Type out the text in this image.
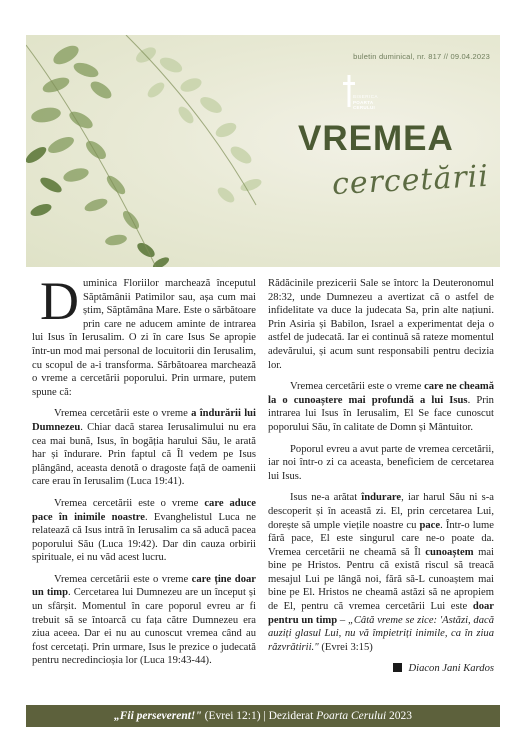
buletin duminical, nr. 817 // 09.04.2023
BISERICA
POARTA CERULUI
VREMEA
cercetării

Duminica Floriilor marchează începutul Săptămânii Patimilor sau, așa cum mai știm, Săptămâna Mare. Este o sărbătoare prin care ne aducem aminte de intrarea lui Isus în Ierusalim. O zi în care Isus Se apropie într-un mod mai personal de locuitorii din Ierusalim, cu scopul de a-i transforma. Sărbătoarea marchează o vreme a cercetării poporului. Prin urmare, putem spune că:

Vremea cercetării este o vreme a îndurării lui Dumnezeu. Chiar dacă starea Ierusalimului nu era cea mai bună, Isus, în bogăția harului Său, le arată har și îndurare. Prin faptul că Îl vedem pe Isus plângând, aceasta denotă o dragoste față de oamenii care erau în Ierusalim (Luca 19:41).

Vremea cercetării este o vreme care aduce pace în inimile noastre. Evanghelistul Luca ne relatează că Isus intră în Ierusalim ca să aducă pacea poporului Său (Luca 19:42). Dar din cauza orbirii spirituale, ei nu văd acest lucru.

Vremea cercetării este o vreme care ține doar un timp. Cercetarea lui Dumnezeu are un început și un sfârșit. Momentul în care poporul evreu ar fi trebuit să se întoarcă cu fața către Dumnezeu era ziua aceea. Dar ei nu au cunoscut vremea când au fost cercetați. Prin urmare, Isus le prezice o judecată pentru necredincioșia lor (Luca 19:43-44).

Rădăcinile prezicerii Sale se întorc la Deuteronomul 28:32, unde Dumnezeu a avertizat că o astfel de infidelitate va duce la judecata Sa, prin alte națiuni. Prin Asiria și Babilon, Israel a experimentat deja o astfel de judecată. Iar ei continuă să rateze momentul adevărului, și acum sunt responsabili pentru decizia lor.

Vremea cercetării este o vreme care ne cheamă la o cunoaștere mai profundă a lui Isus. Prin intrarea lui Isus în Ierusalim, El Se face cunoscut poporului Său, în calitate de Domn și Mântuitor.

Poporul evreu a avut parte de vremea cercetării, iar noi într-o zi ca aceasta, beneficiem de cercetarea lui Isus.

Isus ne-a arătat îndurare, iar harul Său ni s-a descoperit și în această zi. El, prin cercetarea Lui, dorește să umple viețile noastre cu pace. Într-o lume fără pace, El este singurul care ne-o poate da. Vremea cercetării ne cheamă să Îl cunoaștem mai bine pe Hristos. Pentru că există riscul să treacă mesajul Lui pe lângă noi, fără să-L cunoaștem mai bine pe El. Hristos ne cheamă astăzi să ne apropiem de El, pentru că vremea cercetării Lui este doar pentru un timp – „Câtă vreme se zice: 'Astăzi, dacă auziți glasul Lui, nu vă împietriți inimile, ca în ziua răzvrătirii." (Evrei 3:15)

Diacon Jani Kardos
„Fii perseverent!" (Evrei 12:1) | Deziderat Poarta Cerului 2023
